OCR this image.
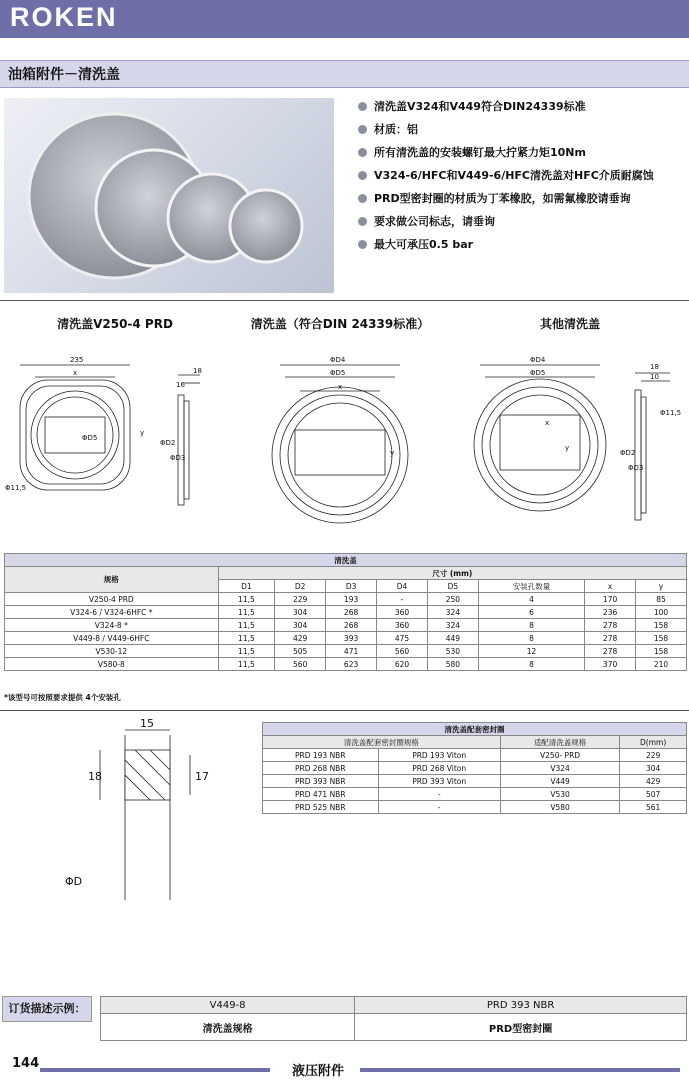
ROKEN
油箱附件－清洗盖
清洗盖V324和V449符合DIN24339标准
材质：铝
所有清洗盖的安装螺钉最大拧紧力矩10Nm
V324-6/HFC和V449-6/HFC清洗盖对HFC介质耐腐蚀
PRD型密封圈的材质为丁苯橡胶，如需氟橡胶请垂询
要求做公司标志，请垂询
最大可承压0.5 bar
清洗盖V250-4 PRD	清洗盖（符合DIN 24339标准）	其他清洗盖
235
x
ΦD5
Φ11,5
18
16
ΦD2
ΦD3
y
ΦD4
ΦD5
x
y
ΦD4
ΦD5
x
y
18
10
ΦD2
ΦD3
Φ11,5
清洗盖								
规格	尺寸 (mm)							
	D1	D2	D3	D4	D5	安装孔数量	x	y
V250-4 PRD	11,5	229	193	-	250	4	170	85
V324-6 / V324-6HFC *	11,5	304	268	360	324	6	236	100
V324-8 *	11,5	304	268	360	324	8	278	158
V449-8 / V449-6HFC	11,5	429	393	475	449	8	278	158
V530-12	11,5	505	471	560	530	12	278	158
V580-8	11,5	560	623	620	580	8	370	210
*该型号可按照要求提供 4个安装孔
15
18	17
ΦD
清洗盖配套密封圈			
清洗盖配套密封圈规格		适配清洗盖规格	D(mm)
PRD 193 NBR	PRD 193 Viton	V250- PRD	229
PRD 268 NBR	PRD 268 Viton	V324	304
PRD 393 NBR	PRD 393 Viton	V449	429
PRD 471 NBR	-	V530	507
PRD 525 NBR	-	V580	561
订货描述示例：	V449-8	PRD 393 NBR
清洗盖规格	PRD型密封圈
144
液压附件
